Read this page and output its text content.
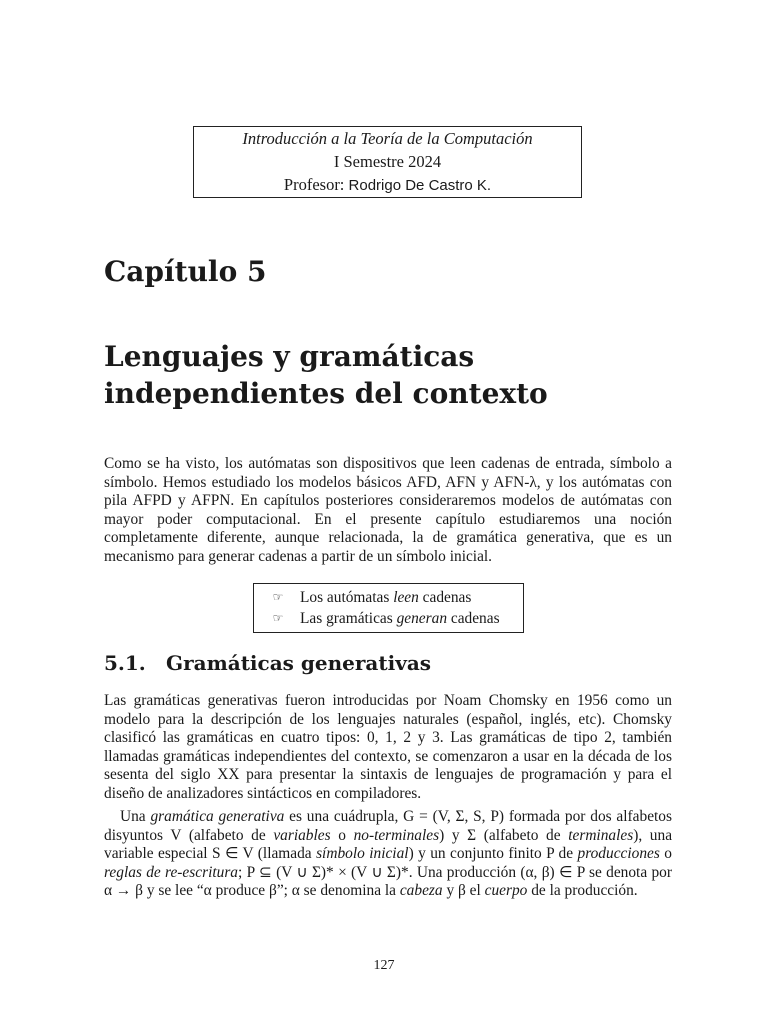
Introducción a la Teoría de la Computación
I Semestre 2024
Profesor: Rodrigo De Castro K.
Capítulo 5
Lenguajes y gramáticas
independientes del contexto
Como se ha visto, los autómatas son dispositivos que leen cadenas de entrada, símbolo a símbolo. Hemos estudiado los modelos básicos AFD, AFN y AFN-λ, y los autómatas con pila AFPD y AFPN. En capítulos posteriores consideraremos modelos de autómatas con mayor poder computacional. En el presente capítulo estudiaremos una noción completamente diferente, aunque relacionada, la de gramática generativa, que es un mecanismo para generar cadenas a partir de un símbolo inicial.
☞ Los autómatas leen cadenas
☞ Las gramáticas generan cadenas
5.1. Gramáticas generativas
Las gramáticas generativas fueron introducidas por Noam Chomsky en 1956 como un modelo para la descripción de los lenguajes naturales (español, inglés, etc). Chomsky clasificó las gramáticas en cuatro tipos: 0, 1, 2 y 3. Las gramáticas de tipo 2, también llamadas gramáticas independientes del contexto, se comenzaron a usar en la década de los sesenta del siglo XX para presentar la sintaxis de lenguajes de programación y para el diseño de analizadores sintácticos en compiladores.
Una gramática generativa es una cuádrupla, G = (V, Σ, S, P) formada por dos alfabetos disyuntos V (alfabeto de variables o no-terminales) y Σ (alfabeto de terminales), una variable especial S ∈ V (llamada símbolo inicial) y un conjunto finito P de producciones o reglas de re-escritura; P ⊆ (V ∪ Σ)* × (V ∪ Σ)*. Una producción (α, β) ∈ P se denota por α → β y se lee “α produce β”; α se denomina la cabeza y β el cuerpo de la producción.
127
